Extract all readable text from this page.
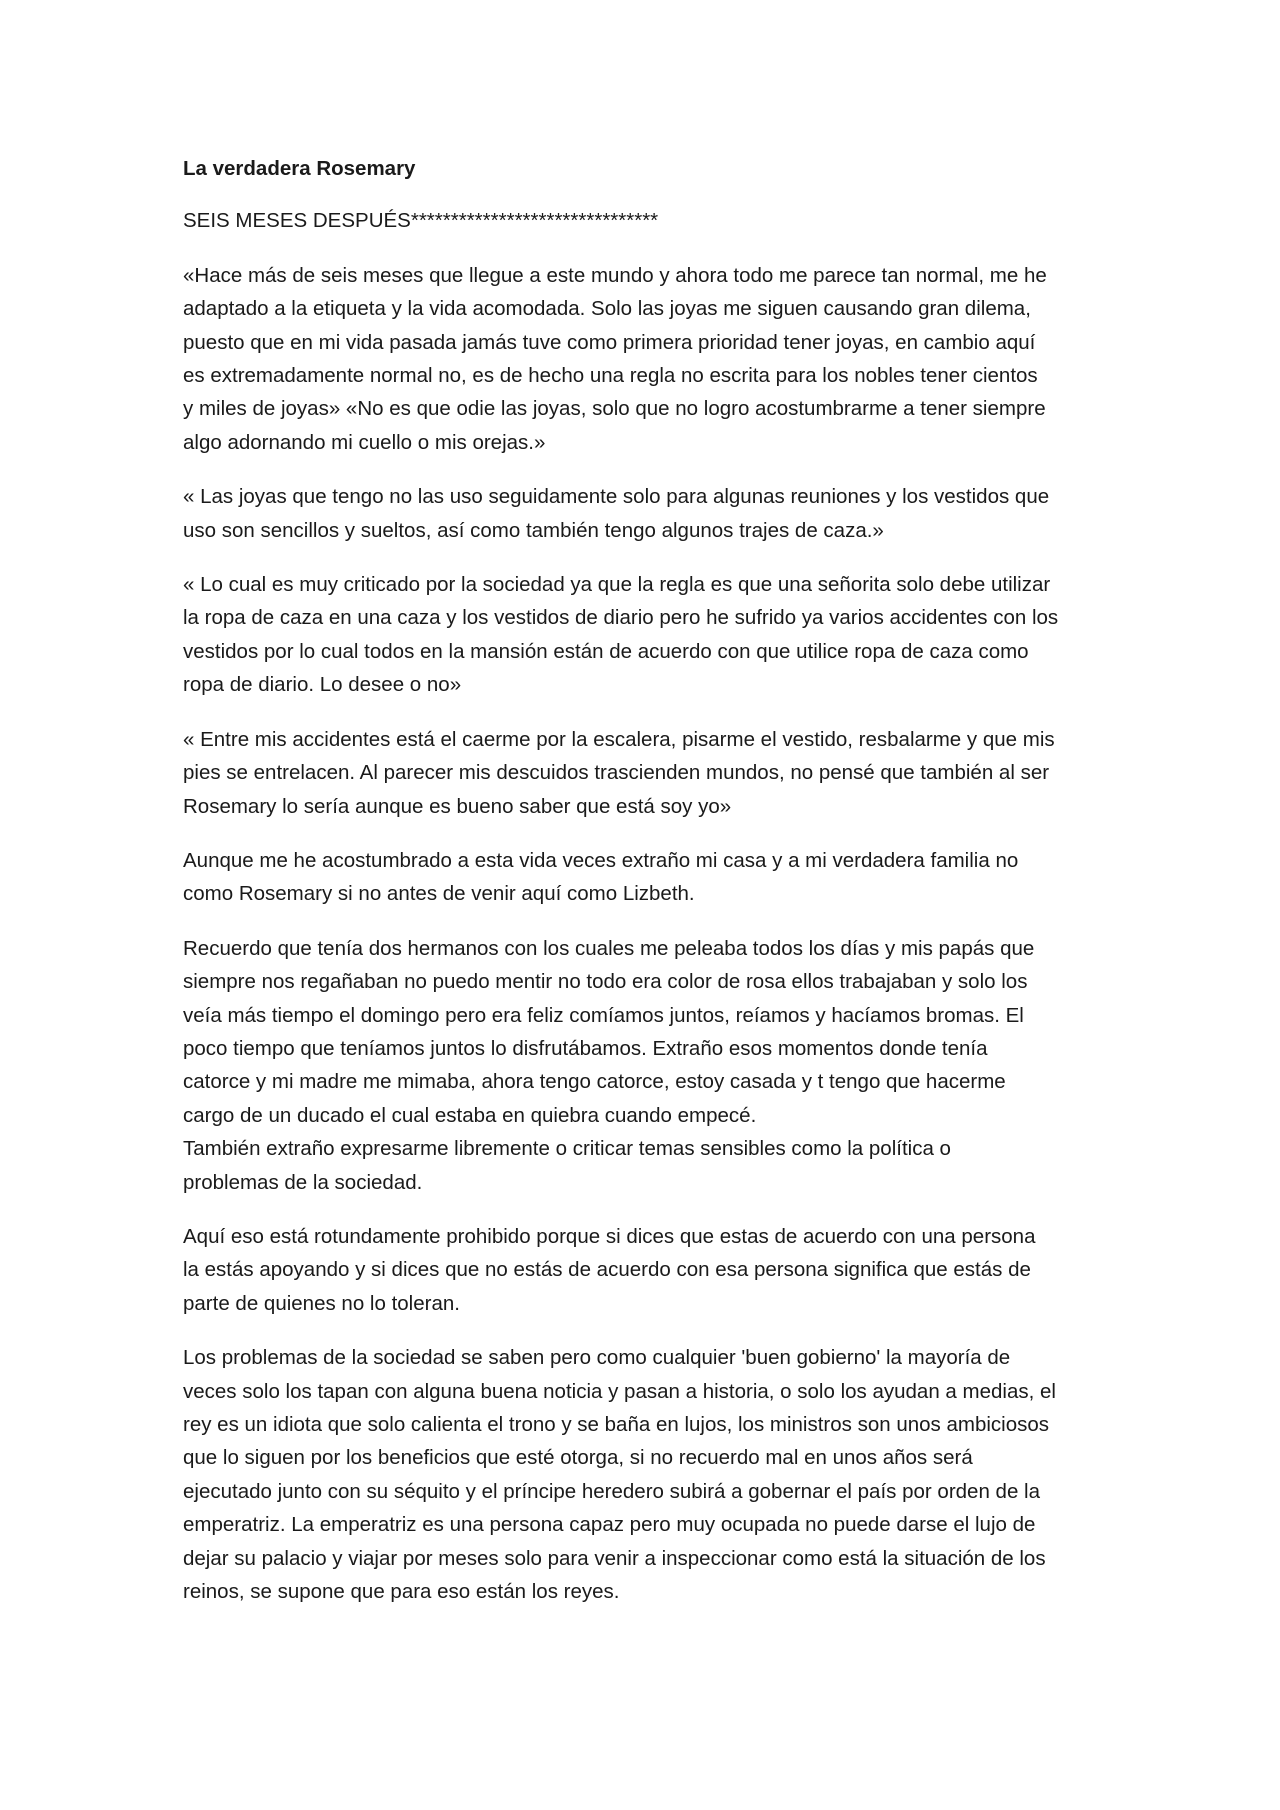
La verdadera Rosemary
SEIS MESES DESPUÉS*******************************
«Hace más de seis meses que llegue a este mundo y ahora todo me parece tan normal, me he
adaptado a la etiqueta y la vida acomodada. Solo las joyas me siguen causando gran dilema,
puesto que en mi vida pasada jamás tuve como primera prioridad tener joyas, en cambio aquí
es extremadamente normal no, es de hecho una regla no escrita para los nobles tener cientos
y miles de joyas» «No es que odie las joyas, solo que no logro acostumbrarme a tener siempre
algo adornando mi cuello o mis orejas.»
« Las joyas que tengo no las uso seguidamente solo para algunas reuniones y los vestidos que
uso son sencillos y sueltos, así como también tengo algunos trajes de caza.»
« Lo cual es muy criticado por la sociedad ya que la regla es que una señorita solo debe utilizar
la ropa de caza en una caza y los vestidos de diario pero he sufrido ya varios accidentes con los
vestidos por lo cual todos en la mansión están de acuerdo con que utilice ropa de caza como
ropa de diario. Lo desee o no»
« Entre mis accidentes está el caerme por la escalera, pisarme el vestido, resbalarme y que mis
pies se entrelacen. Al parecer mis descuidos trascienden mundos, no pensé que también al ser
Rosemary lo sería aunque es bueno saber que está soy yo»
Aunque me he acostumbrado a esta vida veces extraño mi casa y a mi verdadera familia no
como Rosemary si no antes de venir aquí como Lizbeth.
Recuerdo que tenía dos hermanos con los cuales me peleaba todos los días y mis papás que
siempre nos regañaban no puedo mentir no todo era color de rosa ellos trabajaban y solo los
veía más tiempo el domingo pero era feliz comíamos juntos, reíamos y hacíamos bromas. El
poco tiempo que teníamos juntos lo disfrutábamos. Extraño esos momentos donde tenía
catorce y mi madre me mimaba, ahora tengo catorce, estoy casada y t tengo que hacerme
cargo de un ducado el cual estaba en quiebra cuando empecé.
También extraño expresarme libremente o criticar temas sensibles como la política o
problemas de la sociedad.
Aquí eso está rotundamente prohibido porque si dices que estas de acuerdo con una persona
la estás apoyando y si dices que no estás de acuerdo con esa persona significa que estás de
parte de quienes no lo toleran.
Los problemas de la sociedad se saben pero como cualquier 'buen gobierno' la mayoría de
veces solo los tapan con alguna buena noticia y pasan a historia, o solo los ayudan a medias, el
rey es un idiota que solo calienta el trono y se baña en lujos, los ministros son unos ambiciosos
que lo siguen por los beneficios que esté otorga, si no recuerdo mal en unos años será
ejecutado junto con su séquito y el príncipe heredero subirá a gobernar el país por orden de la
emperatriz. La emperatriz es una persona capaz pero muy ocupada no puede darse el lujo de
dejar su palacio y viajar por meses solo para venir a inspeccionar como está la situación de los
reinos, se supone que para eso están los reyes.
